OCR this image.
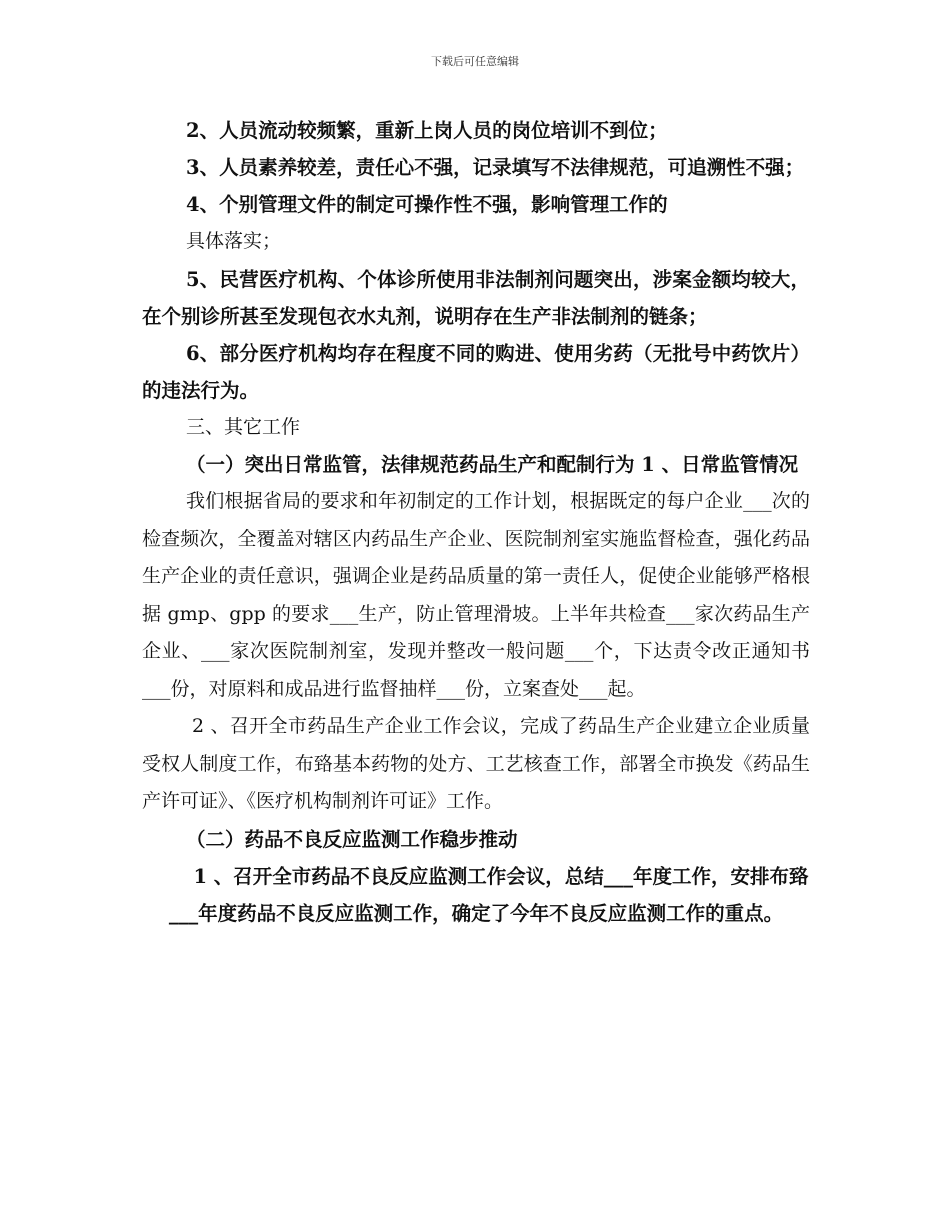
下载后可任意编辑

2、人员流动较频繁，重新上岗人员的岗位培训不到位；

3、人员素养较差，责任心不强，记录填写不法律规范，可追溯性不强；

4、个别管理文件的制定可操作性不强，影响管理工作的

具体落实；

5、民营医疗机构、个体诊所使用非法制剂问题突出，涉案金额均较大，在个别诊所甚至发现包衣水丸剂，说明存在生产非法制剂的链条；

6、部分医疗机构均存在程度不同的购进、使用劣药（无批号中药饮片）的违法行为。

三、其它工作

（一）突出日常监管，法律规范药品生产和配制行为 1 、日常监管情况

我们根据省局的要求和年初制定的工作计划，根据既定的每户企业___次的检查频次，全覆盖对辖区内药品生产企业、医院制剂室实施监督检查，强化药品生产企业的责任意识，强调企业是药品质量的第一责任人，促使企业能够严格根据 gmp、gpp 的要求___生产，防止管理滑坡。上半年共检查___家次药品生产企业、___家次医院制剂室，发现并整改一般问题___个，下达责令改正通知书___份，对原料和成品进行监督抽样___份，立案查处___起。

2 、召开全市药品生产企业工作会议，完成了药品生产企业建立企业质量受权人制度工作，布臵基本药物的处方、工艺核查工作，部署全市换发《药品生产许可证》、《医疗机构制剂许可证》工作。

（二）药品不良反应监测工作稳步推动

1 、召开全市药品不良反应监测工作会议，总结___年度工作，安排布臵___年度药品不良反应监测工作，确定了今年不良反应监测工作的重点。
